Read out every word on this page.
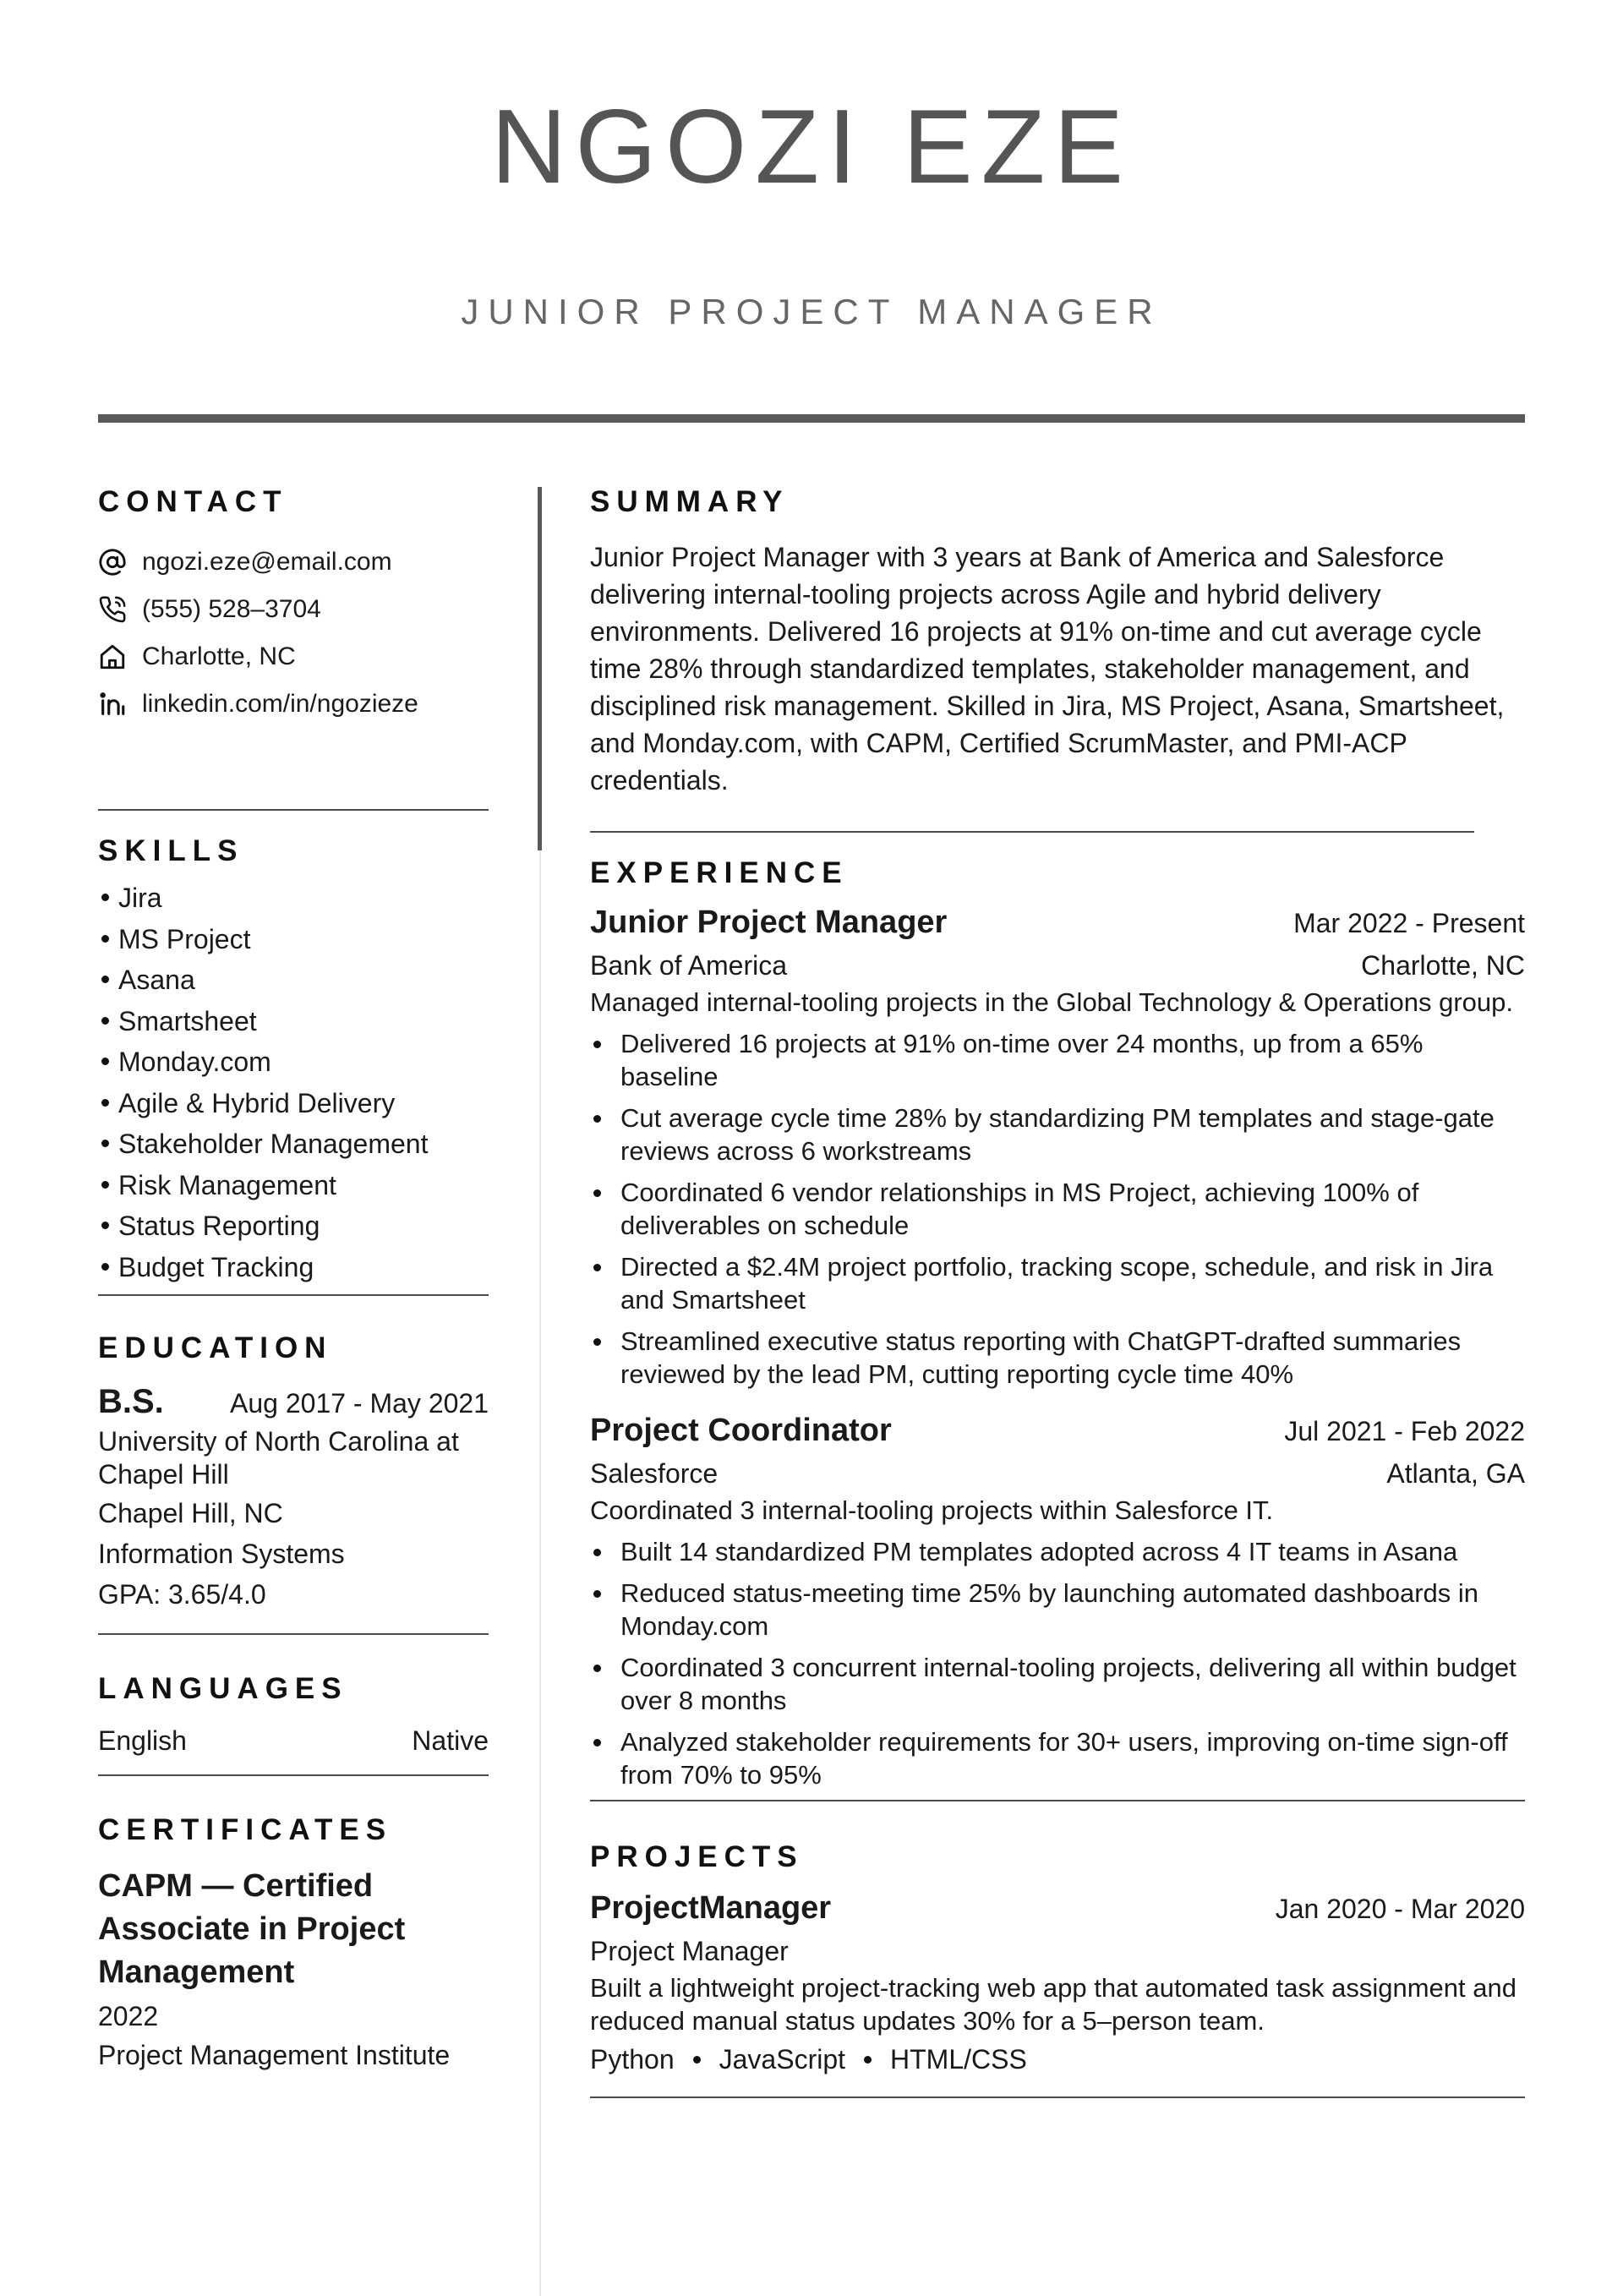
NGOZI EZE
JUNIOR PROJECT MANAGER
CONTACT
ngozi.eze@email.com
(555) 528–3704
Charlotte, NC
linkedin.com/in/ngozieze
SKILLS
Jira
MS Project
Asana
Smartsheet
Monday.com
Agile & Hybrid Delivery
Stakeholder Management
Risk Management
Status Reporting
Budget Tracking
EDUCATION
B.S. Aug 2017 - May 2021
University of North Carolina at Chapel Hill
Chapel Hill, NC
Information Systems
GPA: 3.65/4.0
LANGUAGES
English	Native
CERTIFICATES
CAPM — Certified Associate in Project Management
2022
Project Management Institute
SUMMARY

Junior Project Manager with 3 years at Bank of America and Salesforce delivering internal-tooling projects across Agile and hybrid delivery environments. Delivered 16 projects at 91% on-time and cut average cycle time 28% through standardized templates, stakeholder management, and disciplined risk management. Skilled in Jira, MS Project, Asana, Smartsheet, and Monday.com, with CAPM, Certified ScrumMaster, and PMI-ACP credentials.

EXPERIENCE
Junior Project Manager	Mar 2022 - Present
Bank of America	Charlotte, NC
Managed internal-tooling projects in the Global Technology & Operations group.
Delivered 16 projects at 91% on-time over 24 months, up from a 65% baseline
Cut average cycle time 28% by standardizing PM templates and stage-gate reviews across 6 workstreams
Coordinated 6 vendor relationships in MS Project, achieving 100% of deliverables on schedule
Directed a $2.4M project portfolio, tracking scope, schedule, and risk in Jira and Smartsheet
Streamlined executive status reporting with ChatGPT-drafted summaries reviewed by the lead PM, cutting reporting cycle time 40%
Project Coordinator	Jul 2021 - Feb 2022
Salesforce	Atlanta, GA
Coordinated 3 internal-tooling projects within Salesforce IT.
Built 14 standardized PM templates adopted across 4 IT teams in Asana
Reduced status-meeting time 25% by launching automated dashboards in Monday.com
Coordinated 3 concurrent internal-tooling projects, delivering all within budget over 8 months
Analyzed stakeholder requirements for 30+ users, improving on-time sign-off from 70% to 95%
PROJECTS
ProjectManager	Jan 2020 - Mar 2020
Project Manager
Built a lightweight project-tracking web app that automated task assignment and reduced manual status updates 30% for a 5–person team.
Python JavaScript HTML/CSS
